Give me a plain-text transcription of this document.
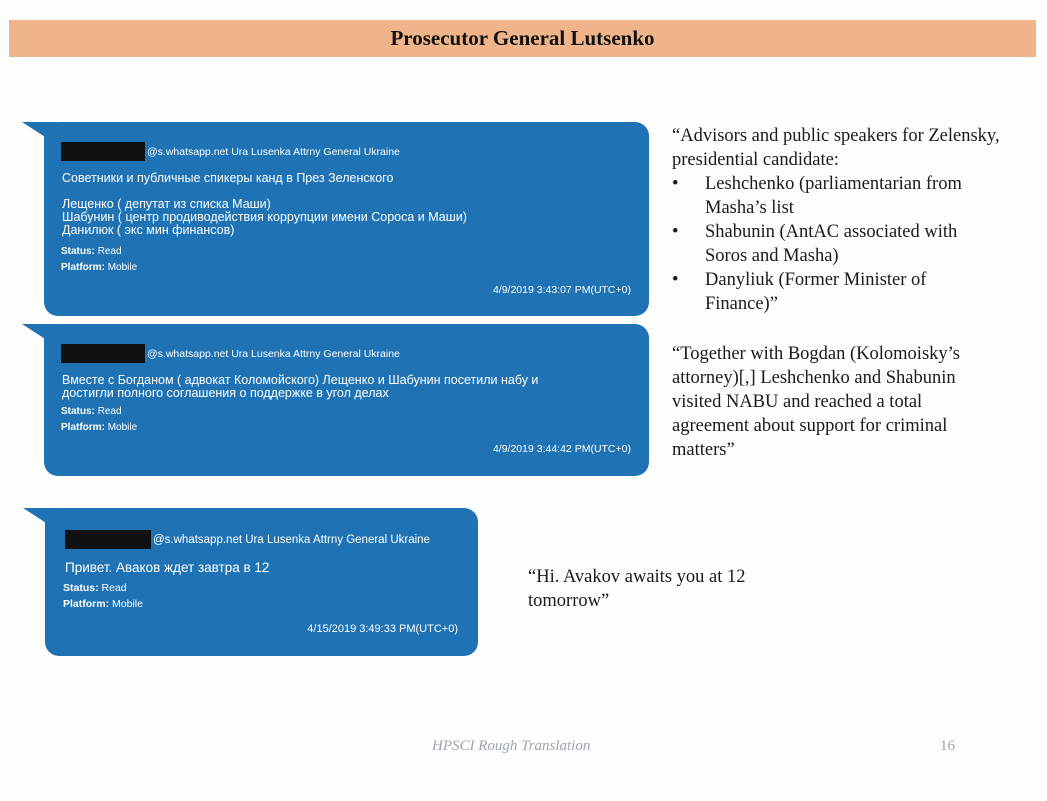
Prosecutor General Lutsenko
@s.whatsapp.net Ura Lusenka Attrny General Ukraine
Советники и публичные спикеры канд в През Зеленского

Лещенко ( депутат из списка Маши)
Шабунин ( центр продиводействия коррупции имени Сороса и Маши)
Данилюк ( экс мин финансов)
Status: Read
Platform: Mobile
4/9/2019 3:43:07 PM(UTC+0)
@s.whatsapp.net Ura Lusenka Attrny General Ukraine
Вместе с Богданом ( адвокат Коломойского) Лещенко и Шабунин посетили набу и
достигли полного соглашения о поддержке в угол делах
Status: Read
Platform: Mobile
4/9/2019 3:44:42 PM(UTC+0)
@s.whatsapp.net Ura Lusenka Attrny General Ukraine
Привет. Аваков ждет завтра в 12
Status: Read
Platform: Mobile
4/15/2019 3:49:33 PM(UTC+0)
“Advisors and public speakers for Zelensky, presidential candidate:
• Leshchenko (parliamentarian from Masha’s list
• Shabunin (AntAC associated with Soros and Masha)
• Danyliuk (Former Minister of Finance)”
“Together with Bogdan (Kolomoisky’s attorney)[,] Leshchenko and Shabunin visited NABU and reached a total agreement about support for criminal matters”
“Hi. Avakov awaits you at 12 tomorrow”
HPSCI Rough Translation	16
